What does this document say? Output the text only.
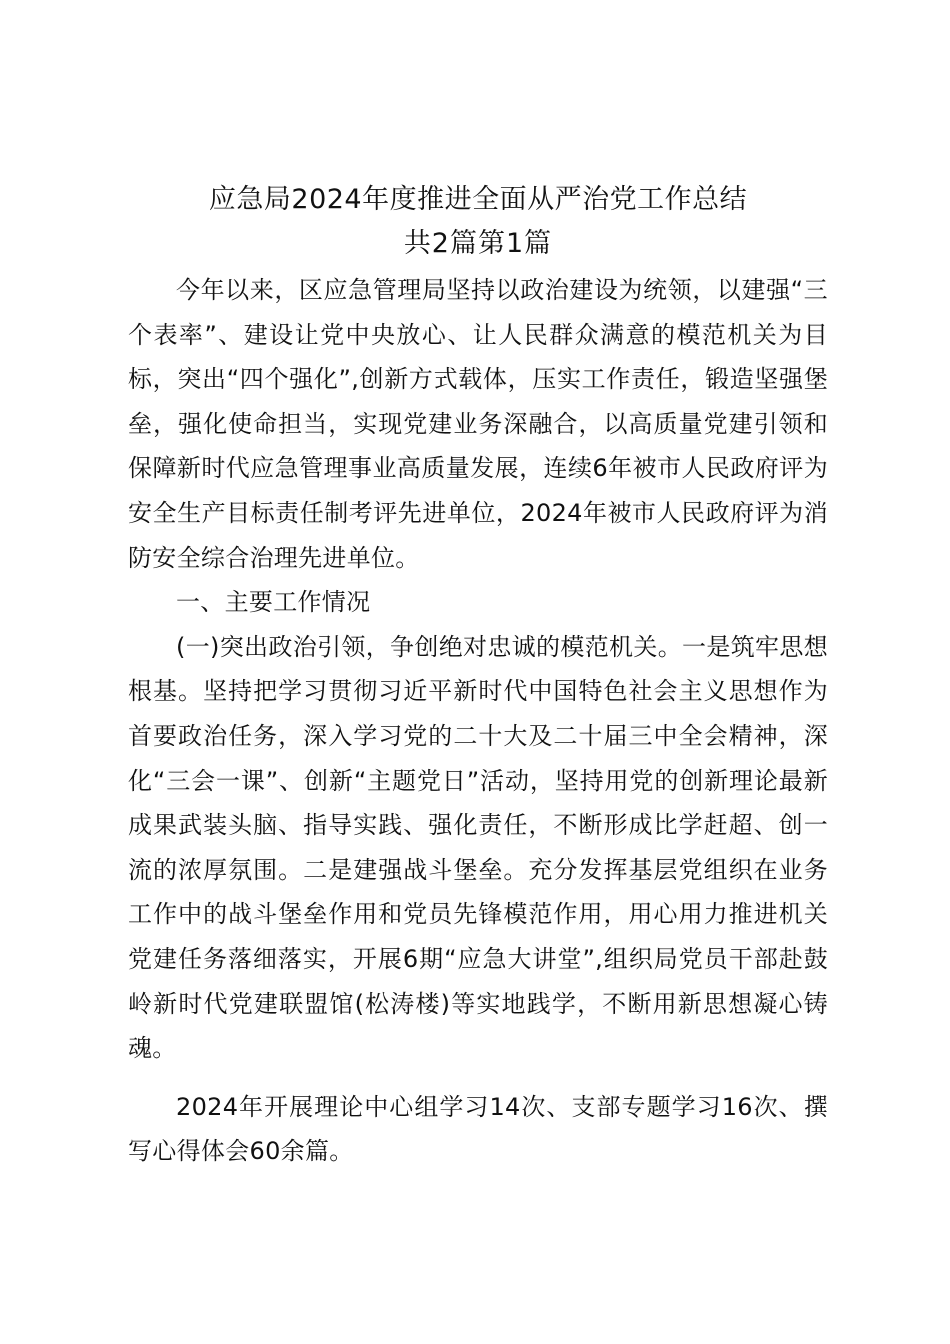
应急局2024年度推进全面从严治党工作总结
共2篇第1篇

今年以来，区应急管理局坚持以政治建设为统领，以建强“三个表率”、建设让党中央放心、让人民群众满意的模范机关为目标，突出“四个强化”,创新方式载体，压实工作责任，锻造坚强堡垒，强化使命担当，实现党建业务深融合，以高质量党建引领和保障新时代应急管理事业高质量发展，连续6年被市人民政府评为安全生产目标责任制考评先进单位，2024年被市人民政府评为消防安全综合治理先进单位。

一、主要工作情况

(一)突出政治引领，争创绝对忠诚的模范机关。一是筑牢思想根基。坚持把学习贯彻习近平新时代中国特色社会主义思想作为首要政治任务，深入学习党的二十大及二十届三中全会精神，深化“三会一课”、创新“主题党日”活动，坚持用党的创新理论最新成果武装头脑、指导实践、强化责任，不断形成比学赶超、创一流的浓厚氛围。二是建强战斗堡垒。充分发挥基层党组织在业务工作中的战斗堡垒作用和党员先锋模范作用，用心用力推进机关党建任务落细落实，开展6期“应急大讲堂”,组织局党员干部赴鼓岭新时代党建联盟馆(松涛楼)等实地践学，不断用新思想凝心铸魂。

2024年开展理论中心组学习14次、支部专题学习16次、撰写心得体会60余篇。
